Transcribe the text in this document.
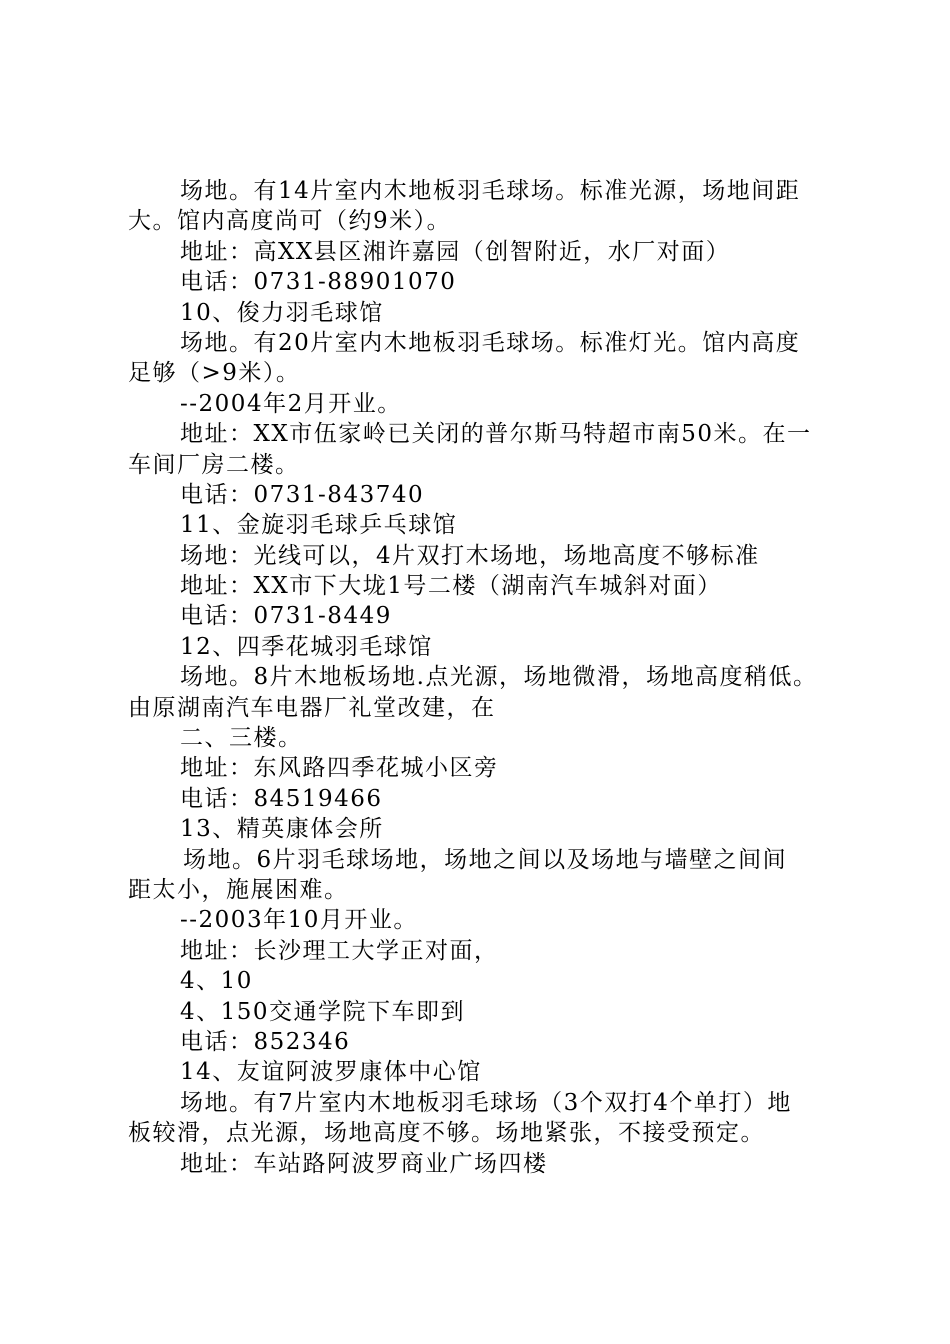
场地。有14片室内木地板羽毛球场。标准光源，场地间距
大。馆内高度尚可（约9米）。
地址：高XX县区湘许嘉园（创智附近，水厂对面）
电话：0731-88901070
10、俊力羽毛球馆
场地。有20片室内木地板羽毛球场。标准灯光。馆内高度
足够（>9米）。
--2004年2月开业。
地址：XX市伍家岭已关闭的普尔斯马特超市南50米。在一
车间厂房二楼。
电话：0731-843740
11、金旋羽毛球乒乓球馆
场地：光线可以，4片双打木场地，场地高度不够标准
地址：XX市下大垅1号二楼（湖南汽车城斜对面）
电话：0731-8449
12、四季花城羽毛球馆
场地。8片木地板场地.点光源，场地微滑，场地高度稍低。
由原湖南汽车电器厂礼堂改建，在
二、三楼。
地址：东风路四季花城小区旁
电话：84519466
13、精英康体会所
场地。6片羽毛球场地，场地之间以及场地与墙壁之间间
距太小，施展困难。
--2003年10月开业。
地址：长沙理工大学正对面，
4、10
4、150交通学院下车即到
电话：852346
14、友谊阿波罗康体中心馆
场地。有7片室内木地板羽毛球场（3个双打4个单打）地
板较滑，点光源，场地高度不够。场地紧张，不接受预定。
地址：车站路阿波罗商业广场四楼
